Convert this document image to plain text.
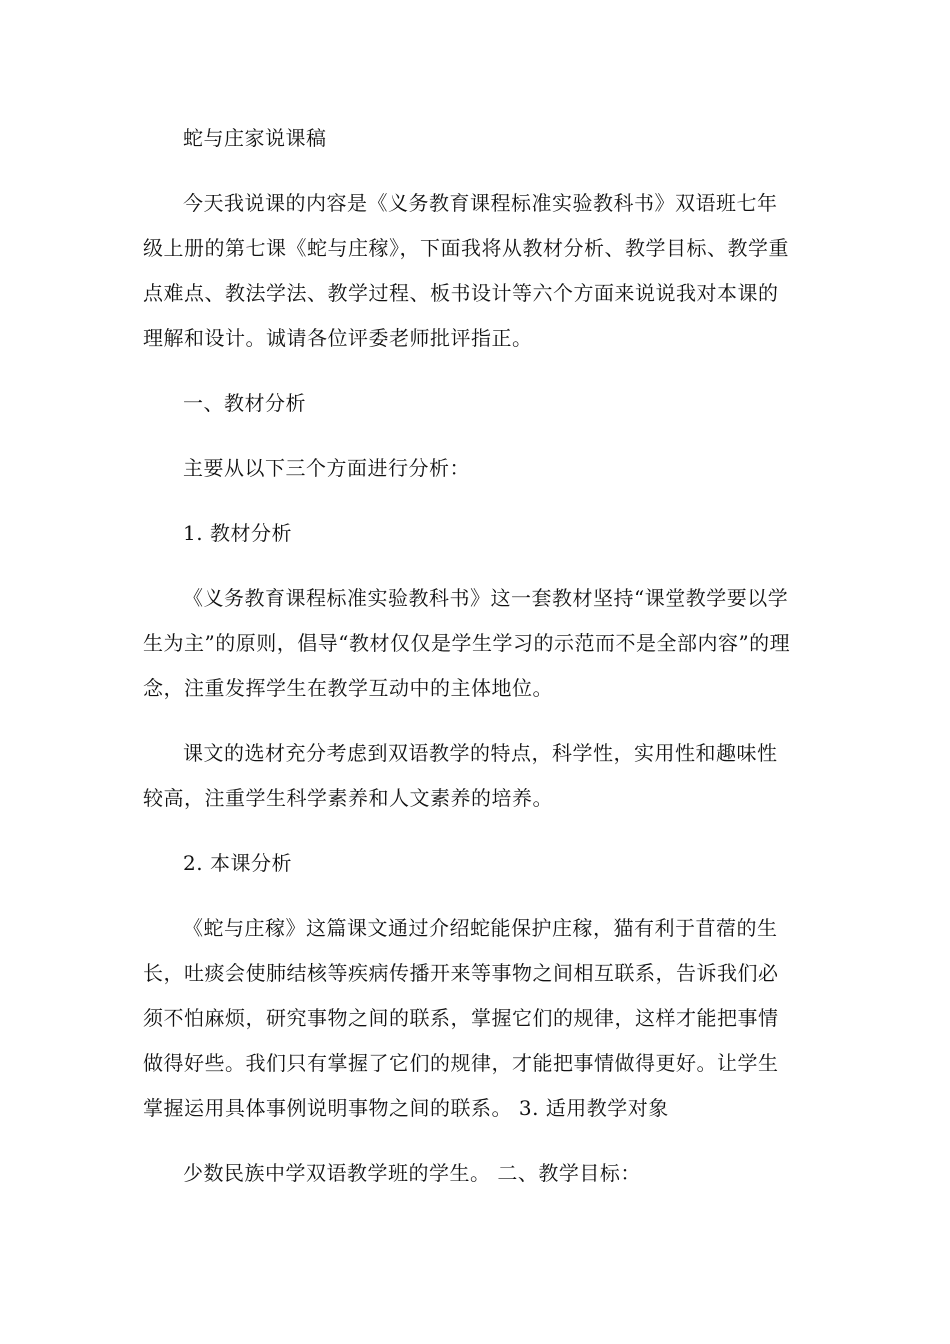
蛇与庄家说课稿

今天我说课的内容是《义务教育课程标准实验教科书》双语班七年级上册的第七课《蛇与庄稼》，下面我将从教材分析、教学目标、教学重点难点、教法学法、教学过程、板书设计等六个方面来说说我对本课的理解和设计。诚请各位评委老师批评指正。

一、教材分析

主要从以下三个方面进行分析：

1. 教材分析

《义务教育课程标准实验教科书》这一套教材坚持“课堂教学要以学生为主”的原则，倡导“教材仅仅是学生学习的示范而不是全部内容”的理念，注重发挥学生在教学互动中的主体地位。

课文的选材充分考虑到双语教学的特点，科学性，实用性和趣味性较高，注重学生科学素养和人文素养的培养。

2. 本课分析

《蛇与庄稼》这篇课文通过介绍蛇能保护庄稼，猫有利于苜蓿的生长，吐痰会使肺结核等疾病传播开来等事物之间相互联系，告诉我们必须不怕麻烦，研究事物之间的联系，掌握它们的规律，这样才能把事情做得好些。我们只有掌握了它们的规律，才能把事情做得更好。让学生掌握运用具体事例说明事物之间的联系。 3. 适用教学对象

少数民族中学双语教学班的学生。 二、教学目标：
